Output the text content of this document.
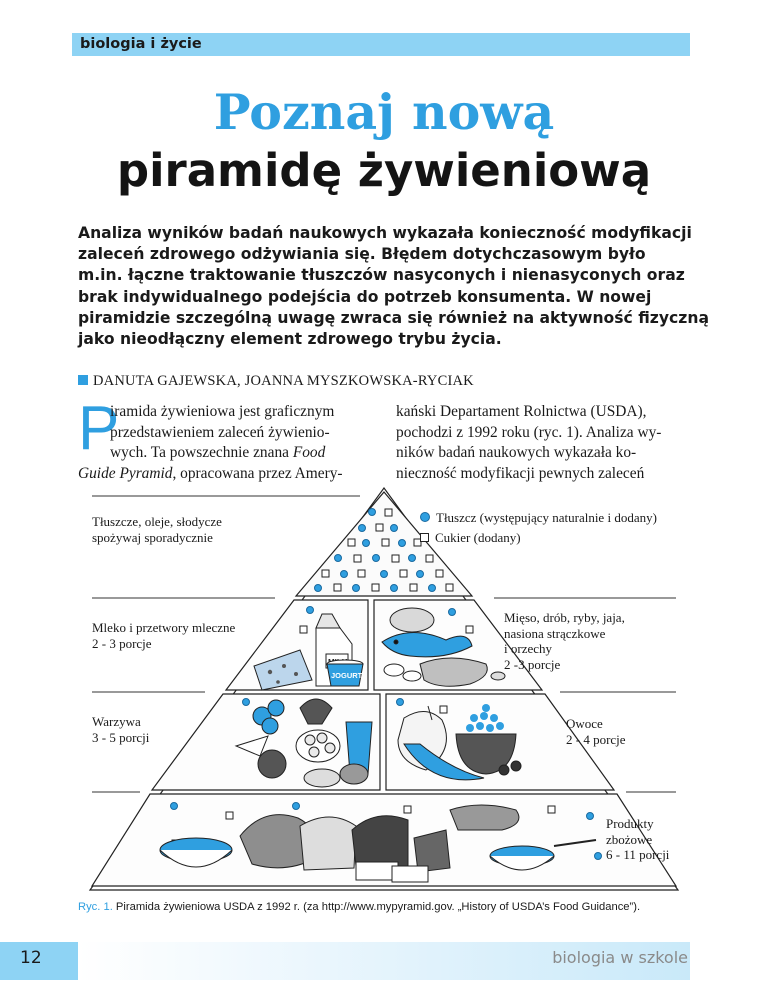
biologia i życie
Poznaj nową
piramidę żywieniową
Analiza wyników badań naukowych wykazała konieczność modyfikacji
zaleceń zdrowego odżywiania się. Błędem dotychczasowym było
m.in. łączne traktowanie tłuszczów nasyconych i nienasyconych oraz
brak indywidualnego podejścia do potrzeb konsumenta. W nowej
piramidzie szczególną uwagę zwraca się również na aktywność fizyczną
jako nieodłączny element zdrowego trybu życia.
DANUTA GAJEWSKA, JOANNA MYSZKOWSKA-RYCIAK
P
iramida żywieniowa jest graficznym
przedstawieniem zaleceń żywienio-
wych. Ta powszechnie znana Food
Guide Pyramid, opracowana przez Amery-
kański Departament Rolnictwa (USDA),
pochodzi z 1992 roku (ryc. 1). Analiza wy-
ników badań naukowych wykazała ko-
nieczność modyfikacji pewnych zaleceń
JOGURT
Tłuszcz (występujący naturalnie i dodany)
Cukier (dodany)
Tłuszcze, oleje, słodycze
spożywaj sporadycznie
Mleko i przetwory mleczne
2 - 3 porcje
Mięso, drób, ryby, jaja,
nasiona strączkowe
i orzechy
2 -3 porcje
Warzywa
3 - 5 porcji
Owoce
2 - 4 porcje
Produkty
zbożowe
6 - 11 porcji
Ryc. 1. Piramida żywieniowa USDA z 1992 r. (za http://www.mypyramid.gov. „History of USDA’s Food Guidance”).
12	biologia w szkole
